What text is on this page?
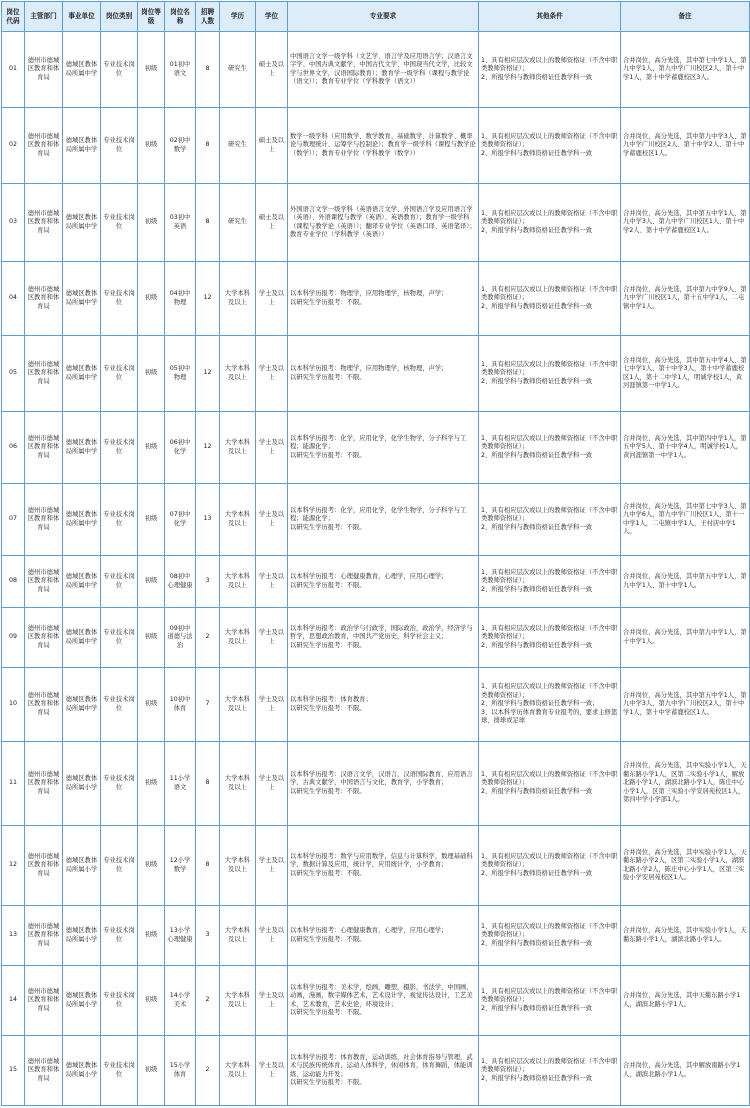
岗位代码	主管部门	事业单位	岗位类别	岗位等级	岗位名称	招聘人数	学历	学位	专业要求	其他条件	备注
01	德州市德城区教育和体育局	德城区教体局所属中学	专业技术岗位	初级	01初中语文	8	研究生	硕士及以上	中国语言文学一级学科（文艺学、语言学及应用语言学；汉语言文字学、中国古典文献学、中国古代文学、中国现当代文学，比较文学与世界文学，汉语国际教育）；教育学一级学科（课程与教学论（语文））；教育专业学位（学科教学（语文））	1、具有相应层次或以上的教师资格证（不含中职类教师资格证）；
2、所报学科与教师资格证任教学科一致	合并岗位，高分先选，其中第七中学1人、第九中学1人，第九中学广川校区2人，第十中学1人，第十中学蓄鹿校区3人。
02	德州市德城区教育和体育局	德城区教体局所属中学	专业技术岗位	初级	02初中数学	8	研究生	硕士及以上	数学一级学科（应用数学、数学教育、基础数学、计算数学、概率论与数理统计、运筹学与控制论）；教育学一级学科（课程与教学论（数学））；教育专业学位（学科教学（数学））	1、具有相应层次或以上的教师资格证（不含中职类教师资格证）；
2、所报学科与教师资格证任教学科一致	合并岗位，高分先选，其中第九中学3人、第九中学广川校区2人、第十中学2人、第十中学蓄鹿校区1人。
03	德州市德城区教育和体育局	德城区教体局所属中学	专业技术岗位	初级	03初中英语	8	研究生	硕士及以上	外国语言文学一级学科（英语语言文学、外国语言学及应用语言学（英语）、外语课程与教学（英语）、英语教育）；教育学一级学科（课程与教学论（英语））；翻译专业学位（英语口译、英语笔译）；教育专业学位（学科教学（英语））	1、具有相应层次或以上的教师资格证（不含中职类教师资格证）；
2、所报学科与教师资格证任教学科一致	合并岗位，高分先选，其中第五中学1人、第九中学3人、第九中学广川校区1人、第十中学2人、第十中学蓄鹿校区1人。
04	德州市德城区教育和体育局	德城区教体局所属中学	专业技术岗位	初级	04初中物理	12	大学本科及以上	学士及以上	以本科学历报考：物理学，应用物理学，核物理，声学；
以研究生学历报考：不限。	1、具有相应层次或以上的教师资格证（不含中职类教师资格证）；
2、所报学科与教师资格证任教学科一致	合并岗位，高分先选，其中第九中学9人、第九中学广川校区1人，第十五中学1人，二屯镇中学1人。
05	德州市德城区教育和体育局	德城区教体局所属中学	专业技术岗位	初级	05初中物理	12	大学本科及以上	学士及以上	以本科学历报考：物理学，应用物理学，核物理，声学；
以研究生学历报考：不限。	1、具有相应层次或以上的教师资格证（不含中职类教师资格证）；
2、所报学科与教师资格证任教学科一致	合并岗位，高分先选，其中第五中学4人、第七中学1人、第十中学3人，第十中学蓄鹿校区1人，第十二中学1人，明诚学校1人，黄河涯镇第一中学1人。
06	德州市德城区教育和体育局	德城区教体局所属中学	专业技术岗位	初级	06初中化学	12	大学本科及以上	学士及以上	以本科学历报考：化学，应用化学，化学生物学，分子科学与工程；能源化学；
以研究生学历报考：不限。	1、具有相应层次或以上的教师资格证（不含中职类教师资格证）；
2、所报学科与教师资格证任教学科一致	合并岗位，高分先选，其中第四中学1人，第五中学5人、第十中学4人，明诚学校1人，黄河涯镇第一中学1人。
07	德州市德城区教育和体育局	德城区教体局所属中学	专业技术岗位	初级	07初中化学	13	大学本科及以上	学士及以上	以本科学历报考：化学，应用化学，化学生物学，分子科学与工程；能源化学；
以研究生学历报考：不限。	1、具有相应层次或以上的教师资格证（不含中职类教师资格证）；
2、所报学科与教师资格证任教学科一致	合并岗位，高分先选，其中第七中学3人、第九中学6人，第九中学广川校区1人，第十一中学1人，二屯镇中学1人，王村店中学1人。
08	德州市德城区教育和体育局	德城区教体局所属中学	专业技术岗位	初级	08初中心理健康	3	大学本科及以上	学士及以上	以本科学历报考：心理健康教育，心理学，应用心理学；
以研究生学历报考：不限。	1、具有相应层次或以上的教师资格证（不含中职类教师资格证）；
2、所报学科与教师资格证任教学科一致	合并岗位，高分先选，其中第五中学1人，第九中学1人，第十中学1人。
09	德州市德城区教育和体育局	德城区教体局所属中学	专业技术岗位	初级	09初中道德与法治	2	大学本科及以上	学士及以上	以本科学历报考：政治学与行政学，国际政治，政治学，经济学与哲学，思想政治教育，中国共产党历史，科学社会主义；
以研究生学历报考：不限。	1、具有相应层次或以上的教师资格证（不含中职类教师资格证）；
2、所报学科与教师资格证任教学科一致	合并岗位，高分先选，其中第九中学1人，第十中学1人。
10	德州市德城区教育和体育局	德城区教体局所属中学	专业技术岗位	初级	10初中体育	7	大学本科及以上	学士及以上	以本科学历报考：体育教育；
以研究生学历报考：不限。	1、具有相应层次或以上的教师资格证（不含中职类教师资格证）；
2、所报学科与教师资格证任教学科一致；
3、以本科学历体育教育专业报考的，要求主修篮球、排球或足球	合并岗位，高分先选，其中第五中学1人、第九中学3人，第九中学广川校区2人，第十中学1人，第十中学蓄鹿校区1人。
11	德州市德城区教育和体育局	德城区教体局所属小学	专业技术岗位	初级	11小学语文	8	大学本科及以上	学士及以上	以本科学历报考：汉语言文学，汉语言，汉语国际教育，应用语言学，古典文献学，中国语言与文化，教育学，小学教育；
以研究生学历报考：不限。	1、具有相应层次或以上的教师资格证（不含中职类教师资格证）；
2、所报学科与教师资格证任教学科一致	合并岗位，高分先选，其中实验小学1人，天衢东路小学1人，区第二实验小学1人，解放北路小学1人，湖滨北路小学1人，陈庄中心小学1人，区第三实验小学安居苑校区1人，第四中学小学部1人。
12	德州市德城区教育和体育局	德城区教体局所属小学	专业技术岗位	初级	12小学数学	8	大学本科及以上	学士及以上	以本科学历报考：数学与应用数学，信息与计算科学，数理基础科学，数据计算及应用，统计学，应用统计学，小学教育；
以研究生学历报考：不限。	1、具有相应层次或以上的教师资格证（不含中职类教师资格证）；
2、所报学科与教师资格证任教学科一致	合并岗位，高分先选，其中实验小学1人，天衢东路小学2人，区第二实验小学1人，湖滨北路小学2人，陈庄中心小学1人，区第三实验小学安居苑校区1人。
13	德州市德城区教育和体育局	德城区教体局所属小学	专业技术岗位	初级	13小学心理健康	3	大学本科及以上	学士及以上	以本科学历报考：心理健康教育，心理学，应用心理学；
以研究生学历报考：不限。	1、具有相应层次或以上的教师资格证（不含中职类教师资格证）；
2、所报学科与教师资格证任教学科一致	合并岗位，高分先选，其中实验小学1人，天衢东路小学1人，湖滨北路小学1人。
14	德州市德城区教育和体育局	德城区教体局所属小学	专业技术岗位	初级	14小学美术	2	大学本科及以上	学士及以上	以本科学历报考：美术学，绘画，雕塑，摄影，书法学，中国画，动画，漫画，数字媒体艺术，艺术设计学，视觉传达设计，工艺美术，艺术教育，艺术史论，环境设计；
以研究生学历报考：不限。	1、具有相应层次或以上的教师资格证（不含中职类教师资格证）；
2、所报学科与教师资格证任教学科一致	合并岗位，高分先选，其中天衢东路小学1人，湖滨北路小学1人。
15	德州市德城区教育和体育局	德城区教体局所属小学	专业技术岗位	初级	15小学体育	2	大学本科及以上	学士及以上	以本科学历报考：体育教育，运动训练，社会体育指导与管理，武术与民族传统体育，运动人体科学，休闲体育，体育舞蹈，体能训练，运动能力开发；
以研究生学历报考：不限。	1、具有相应层次或以上的教师资格证（不含中职类教师资格证）；
2、所报学科与教师资格证任教学科一致	合并岗位，高分先选，其中解放南路小学1人，湖滨北路小学1人。
